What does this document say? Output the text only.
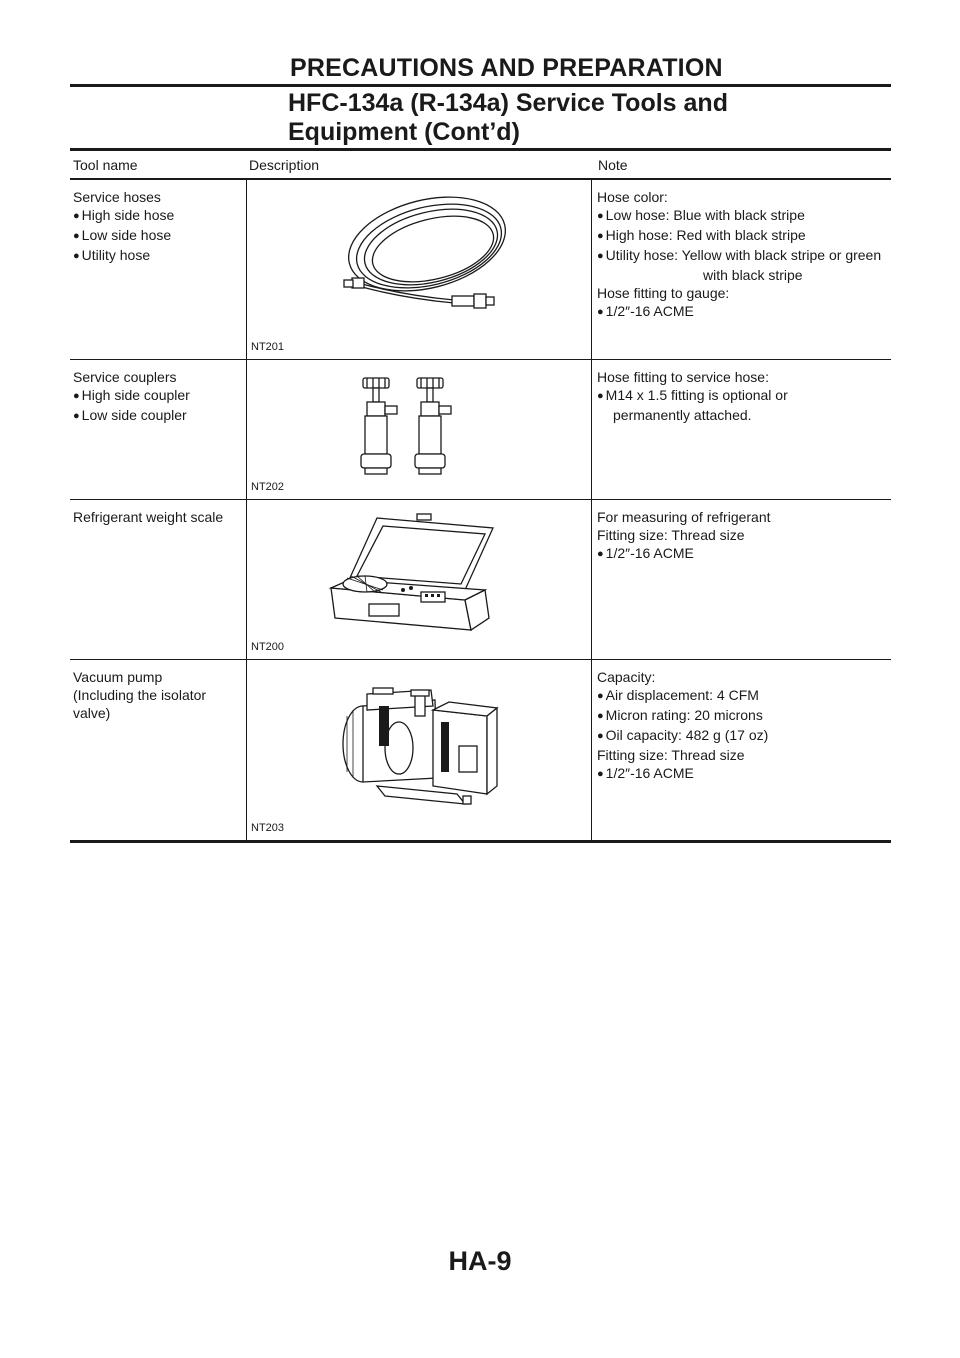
PRECAUTIONS AND PREPARATION
HFC-134a (R-134a) Service Tools and
Equipment (Cont’d)
Tool name	Description	Note
Service hoses
● High side hose
● Low side hose
● Utility hose
NT201
Hose color:
● Low hose: Blue with black stripe
● High hose: Red with black stripe
● Utility hose: Yellow with black stripe or green
with black stripe
Hose fitting to gauge:
● 1/2″-16 ACME
Service couplers
● High side coupler
● Low side coupler
NT202
Hose fitting to service hose:
● M14 x 1.5 fitting is optional or
permanently attached.
Refrigerant weight scale
NT200
For measuring of refrigerant
Fitting size: Thread size
● 1/2″-16 ACME
Vacuum pump
(Including the isolator
valve)
NT203
Capacity:
● Air displacement: 4 CFM
● Micron rating: 20 microns
● Oil capacity: 482 g (17 oz)
Fitting size: Thread size
● 1/2″-16 ACME
HA-9
